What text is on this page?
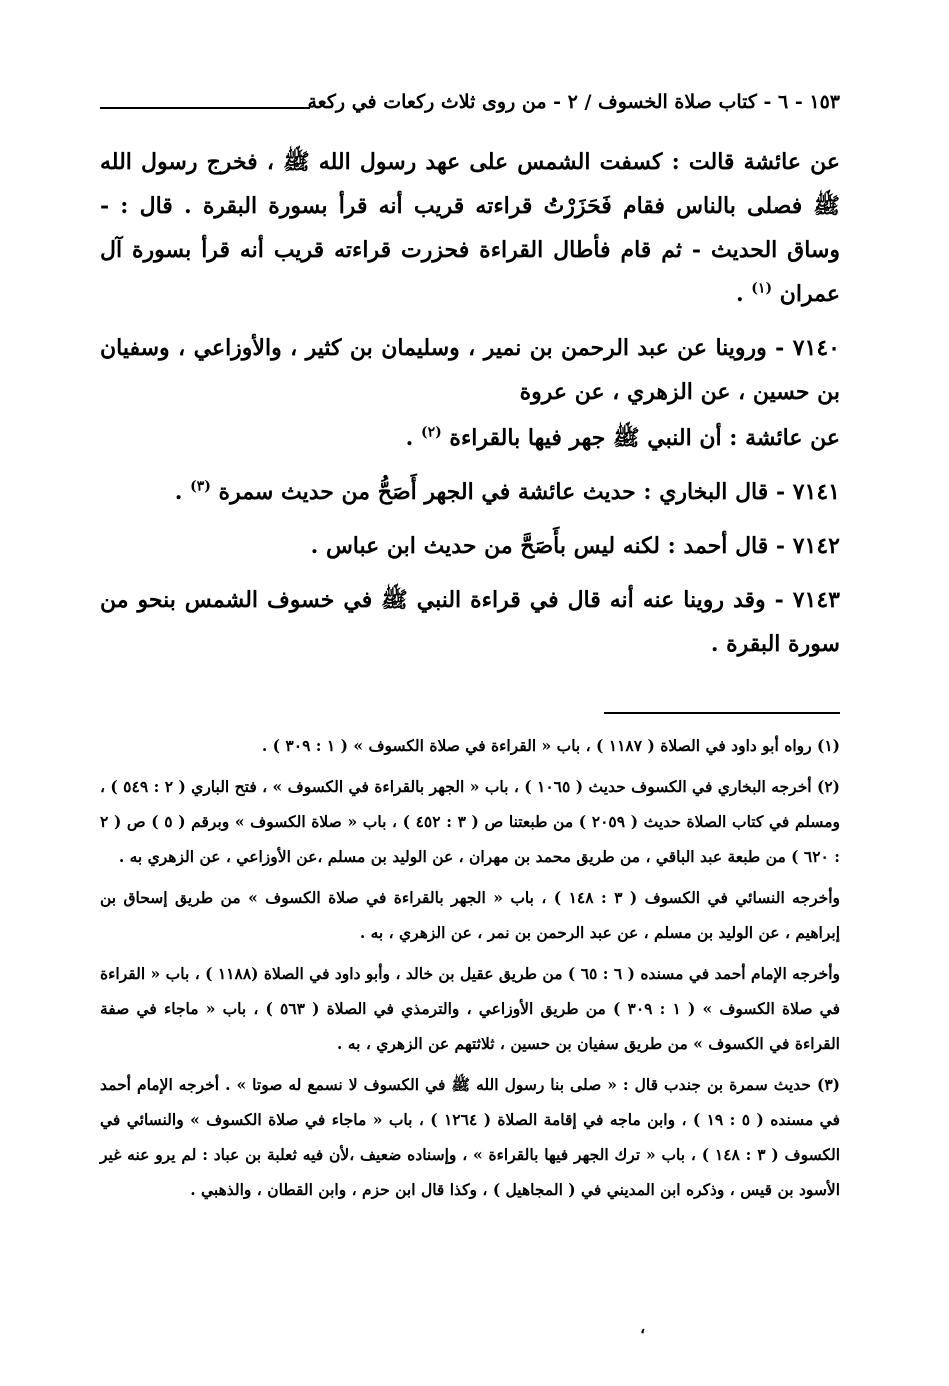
١٥٣ - ٦ - كتاب صلاة الخسوف / ٢ - من روى ثلاث ركعات في ركعة

عن عائشة قالت : كسفت الشمس على عهد رسول الله ﷺ ، فخرج رسول الله ﷺ فصلى بالناس فقام فَحَزَرْتُ قراءته قريب أنه قرأ بسورة البقرة . قال : - وساق الحديث - ثم قام فأطال القراءة فحزرت قراءته قريب أنه قرأ بسورة آل عمران $^{(١)}$ .

٧١٤٠ - وروينا عن عبد الرحمن بن نمير ، وسليمان بن كثير ، والأوزاعي ، وسفيان بن حسين ، عن الزهري ، عن عروة

عن عائشة : أن النبي ﷺ جهر فيها بالقراءة $^{(٢)}$ .

٧١٤١ - قال البخاري : حديث عائشة في الجهر أَصَحُّ من حديث سمرة $^{(٣)}$ .

٧١٤٢ - قال أحمد : لكنه ليس بأَصَحَّ من حديث ابن عباس .

٧١٤٣ - وقد روينا عنه أنه قال في قراءة النبي ﷺ في خسوف الشمس بنحو من سورة البقرة .

(١) رواه أبو داود في الصلاة ( ١١٨٧ ) ، باب « القراءة في صلاة الكسوف » ( ١ : ٣٠٩ ) .

(٢) أخرجه البخاري في الكسوف حديث ( ١٠٦٥ ) ، باب « الجهر بالقراءة في الكسوف » ، فتح الباري ( ٢ : ٥٤٩ ) ، ومسلم في كتاب الصلاة حديث ( ٢٠٥٩ ) من طبعتنا ص ( ٣ : ٤٥٢ ) ، باب « صلاة الكسوف » وبرقم ( ٥ ) ص ( ٢ : ٦٢٠ ) من طبعة عبد الباقي ، من طريق محمد بن مهران ، عن الوليد بن مسلم ،عن الأوزاعي ، عن الزهري به .

وأخرجه النسائي في الكسوف ( ٣ : ١٤٨ ) ، باب « الجهر بالقراءة في صلاة الكسوف » من طريق إسحاق بن إبراهيم ، عن الوليد بن مسلم ، عن عبد الرحمن بن نمر ، عن الزهري ، به .

وأخرجه الإمام أحمد في مسنده ( ٦ : ٦٥ ) من طريق عقيل بن خالد ، وأبو داود في الصلاة (١١٨٨ ) ، باب « القراءة في صلاة الكسوف » ( ١ : ٣٠٩ ) من طريق الأوزاعي ، والترمذي في الصلاة ( ٥٦٣ ) ، باب « ماجاء في صفة القراءة في الكسوف » من طريق سفيان بن حسين ، ثلاثتهم عن الزهري ، به .

(٣) حديث سمرة بن جندب قال : « صلى بنا رسول الله ﷺ في الكسوف لا نسمع له صوتا » . أخرجه الإمام أحمد في مسنده ( ٥ : ١٩ ) ، وابن ماجه في إقامة الصلاة ( ١٢٦٤ ) ، باب « ماجاء في صلاة الكسوف » والنسائي في الكسوف ( ٣ : ١٤٨ ) ، باب « ترك الجهر فيها بالقراءة » ، وإسناده ضعيف ،لأن فيه ثعلبة بن عباد : لم يرو عنه غير الأسود بن قيس ، وذكره ابن المديني في ( المجاهيل ) ، وكذا قال ابن حزم ، وابن القطان ، والذهبي .

،
